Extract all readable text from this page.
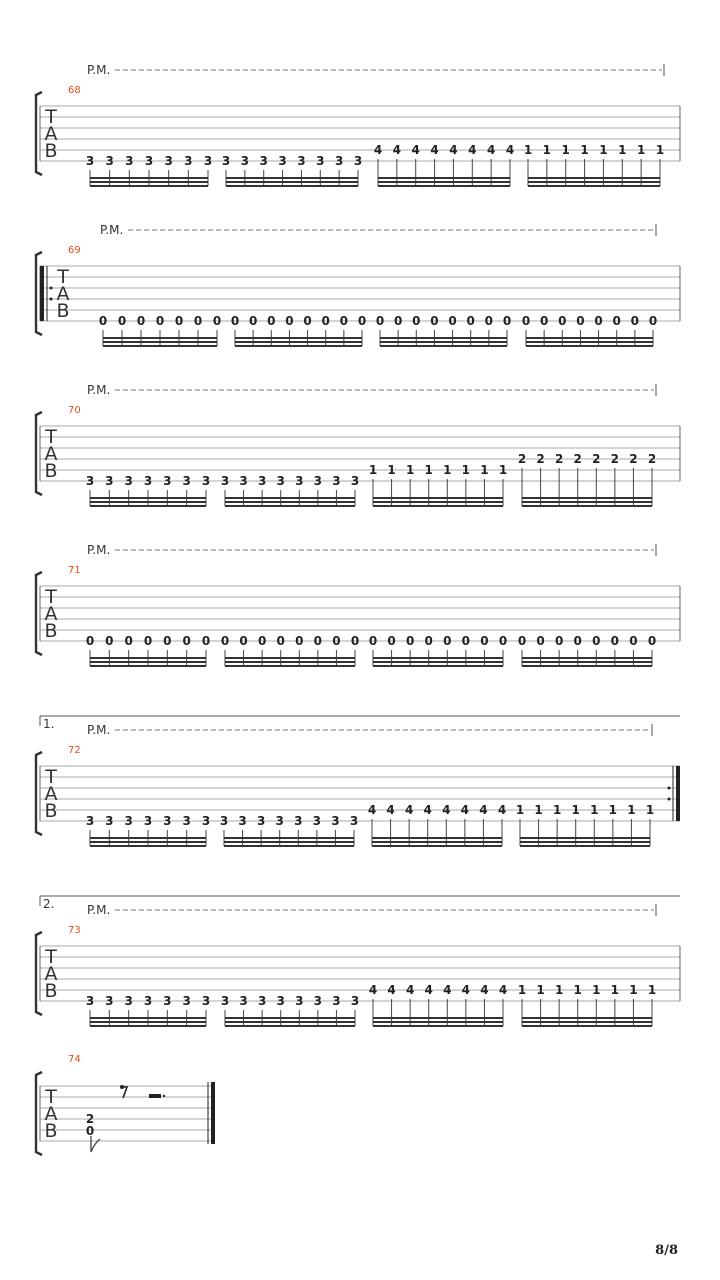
P.M.
68
T
A
B 3 3 3 3 3 3 3 3 3 3 3 3 3 3 3
4 4 4 4 4 4 4 4 1 1 1 1 1 1 1 1
P.M.
69
T
A
B 0 0 0 0 0 0 0 0 0 0 0 0 0 0 0 0 0 0 0 0 0 0 0 0 0 0 0 0 0 0 0
P.M.
70
T
A
B 3 3 3 3 3 3 3 3 3 3 3 3 3 3 3
1 1 1 1 1 1 1 1
2 2 2 2 2 2 2 2
P.M.
71
T
A
B 0 0 0 0 0 0 0 0 0 0 0 0 0 0 0 0 0 0 0 0 0 0 0 0 0 0 0 0 0 0 0
1.	P.M.
72
T
A
B 3 3 3 3 3 3 3 3 3 3 3 3 3 3 3
4 4 4 4 4 4 4 4 1 1 1 1 1 1 1 1
2.	P.M.
73
T
A
B 3 3 3 3 3 3 3 3 3 3 3 3 3 3 3
4 4 4 4 4 4 4 4 1 1 1 1 1 1 1 1
74
T
A
B
2
0
8/8
